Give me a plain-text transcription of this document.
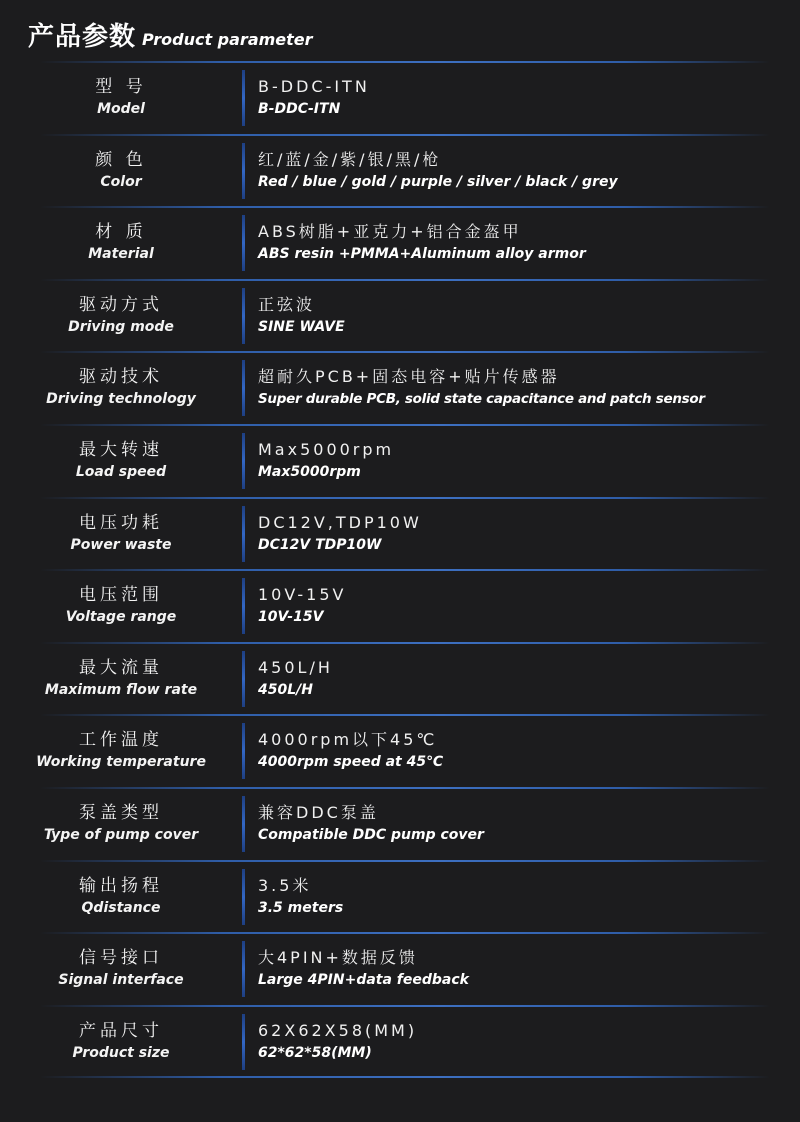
产品参数 Product parameter
型 号
Model
B-DDC-ITN
B-DDC-ITN
颜 色
Color
红/蓝/金/紫/银/黑/枪
Red / blue / gold / purple / silver / black / grey
材 质
Material
ABS树脂+亚克力+铝合金盔甲
ABS resin +PMMA+Aluminum alloy armor
驱动方式
Driving mode
正弦波
SINE WAVE
驱动技术
Driving technology
超耐久PCB+固态电容+贴片传感器
Super durable PCB, solid state capacitance and patch sensor
最大转速
Load speed
Max5000rpm
Max5000rpm
电压功耗
Power waste
DC12V,TDP10W
DC12V TDP10W
电压范围
Voltage range
10V-15V
10V-15V
最大流量
Maximum flow rate
450L/H
450L/H
工作温度
Working temperature
4000rpm以下45℃
4000rpm speed at 45℃
泵盖类型
Type of pump cover
兼容DDC泵盖
Compatible DDC pump cover
输出扬程
Qdistance
3.5米
3.5 meters
信号接口
Signal interface
大4PIN+数据反馈
Large 4PIN+data feedback
产品尺寸
Product size
62X62X58(MM)
62*62*58(MM)
